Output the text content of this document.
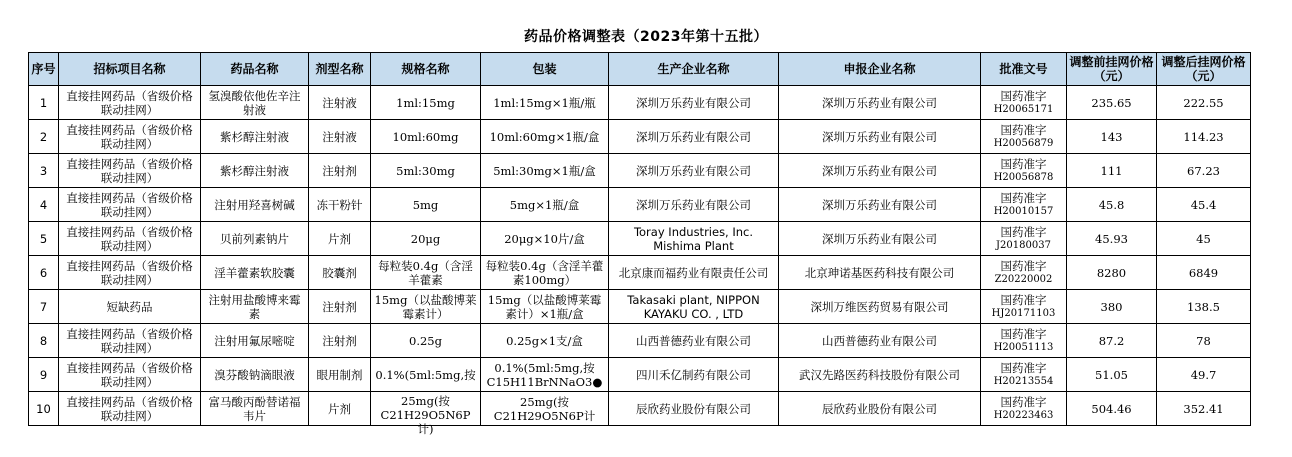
药品价格调整表（2023年第十五批）
序号	招标项目名称	药品名称	剂型名称	规格名称	包装	生产企业名称	申报企业名称	批准文号	调整前挂网价格（元）	调整后挂网价格（元）

1	直接挂网药品（省级价格联动挂网）	氢溴酸依他佐辛注射液	注射液	1ml:15mg	1ml:15mg×1瓶/瓶	深圳万乐药业有限公司	深圳万乐药业有限公司	国药准字
H20065171	235.65	222.55

2	直接挂网药品（省级价格联动挂网）	紫杉醇注射液	注射液	10ml:60mg	10ml:60mg×1瓶/盒	深圳万乐药业有限公司	深圳万乐药业有限公司	国药准字
H20056879	143	114.23

3	直接挂网药品（省级价格联动挂网）	紫杉醇注射液	注射剂	5ml:30mg	5ml:30mg×1瓶/盒	深圳万乐药业有限公司	深圳万乐药业有限公司	国药准字
H20056878	111	67.23

4	直接挂网药品（省级价格联动挂网）	注射用羟喜树碱	冻干粉针	5mg	5mg×1瓶/盒	深圳万乐药业有限公司	深圳万乐药业有限公司	国药准字
H20010157	45.8	45.4

5	直接挂网药品（省级价格联动挂网）	贝前列素钠片	片剂	20μg	20μg×10片/盒	Toray Industries, Inc. Mishima Plant	深圳万乐药业有限公司	国药准字
J20180037	45.93	45

6	直接挂网药品（省级价格联动挂网）	淫羊藿素软胶囊	胶囊剂	每粒装0.4g（含淫羊藿素	每粒装0.4g（含淫羊藿素100mg）	北京康而福药业有限责任公司	北京珅诺基医药科技有限公司	国药准字
Z20220002	8280	6849

7	短缺药品	注射用盐酸博来霉素	注射剂	15mg（以盐酸博莱霉素计）	15mg（以盐酸博莱霉素计）×1瓶/盒	Takasaki plant, NIPPON KAYAKU CO. , LTD	深圳万维医药贸易有限公司	国药准字
HJ20171103	380	138.5

8	直接挂网药品（省级价格联动挂网）	注射用氟尿嘧啶	注射剂	0.25g	0.25g×1支/盒	山西普德药业有限公司	山西普德药业有限公司	国药准字
H20051113	87.2	78

9	直接挂网药品（省级价格联动挂网）	溴芬酸钠滴眼液	眼用制剂	0.1%(5ml:5mg,按	0.1%(5ml:5mg,按C15H11BrNNaO3●	四川禾亿制药有限公司	武汉先路医药科技股份有限公司	国药准字
H20213554	51.05	49.7

10	直接挂网药品（省级价格联动挂网）	富马酸丙酚替诺福韦片	片剂	25mg(按C21H29O5N6P计)	25mg(按C21H29O5N6P计	辰欣药业股份有限公司	辰欣药业股份有限公司	国药准字
H20223463	504.46	352.41
